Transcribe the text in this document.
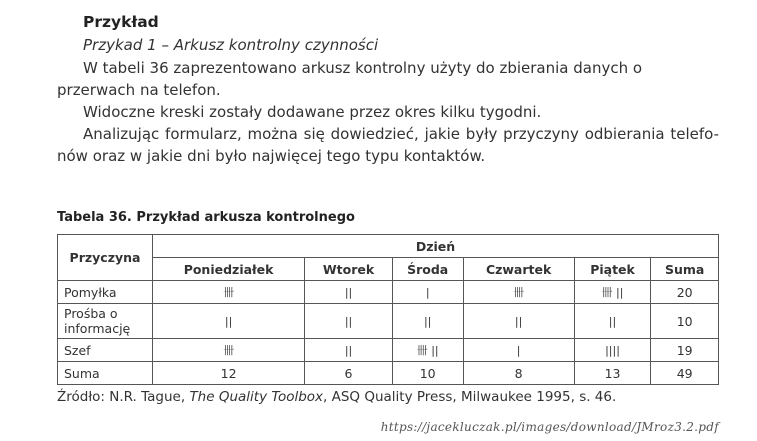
Przykład
Przykad 1 – Arkusz kontrolny czynności
W tabeli 36 zaprezentowano arkusz kontrolny użyty do zbierania danych o przerwach na telefon.
Widoczne kreski zostały dodawane przez okres kilku tygodni.
Analizując formularz, można się dowiedzieć, jakie były przyczyny odbierania telefo-nów oraz w jakie dni było najwięcej tego typu kontaktów.
Tabela 36. Przykład arkusza kontrolnego
Przyczyna	Dzień					
	Poniedziałek	Wtorek	Środa	Czwartek	Piątek	Suma
Pomyłka	卌	||	|	卌	卌 ||	20
Prośba o informację	||	||	||	||	||	10
Szef	卌	||	卌 ||	|	||||	19
Suma	12	6	10	8	13	49
Źródło: N.R. Tague, The Quality Toolbox, ASQ Quality Press, Milwaukee 1995, s. 46.
https://jacekluczak.pl/images/download/JMroz3.2.pdf
